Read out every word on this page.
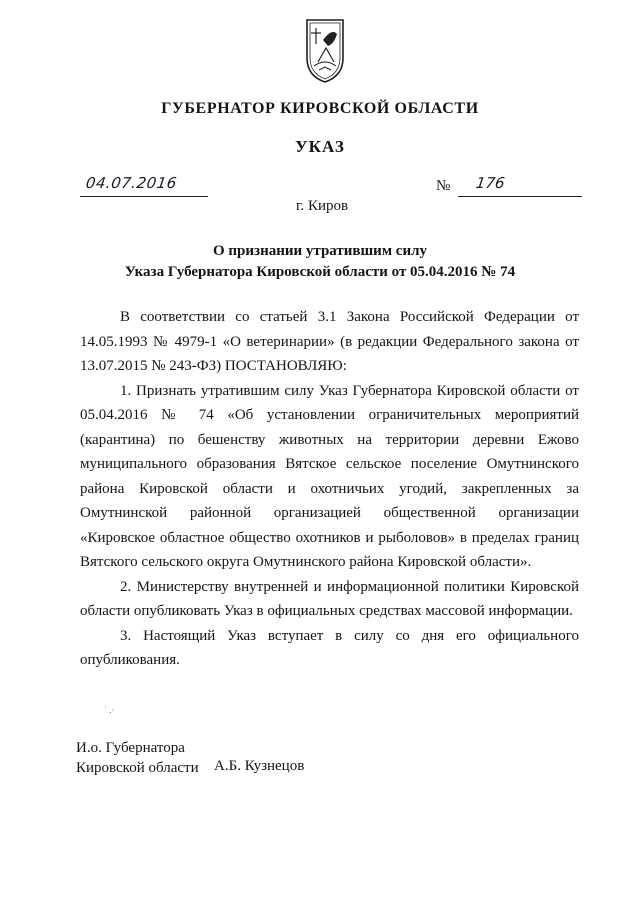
ГУБЕРНАТОР КИРОВСКОЙ ОБЛАСТИ
УКАЗ
04.07.2016	№ 176
г. Киров
О признании утратившим силу
Указа Губернатора Кировской области от 05.04.2016 № 74

В соответствии со статьей 3.1 Закона Российской Федерации от 14.05.1993 № 4979-1 «О ветеринарии» (в редакции Федерального закона от 13.07.2015 № 243-ФЗ) ПОСТАНОВЛЯЮ:

1. Признать утратившим силу Указ Губернатора Кировской области от 05.04.2016 № 74 «Об установлении ограничительных мероприятий (карантина) по бешенству животных на территории деревни Ежово муниципального образования Вятское сельское поселение Омутнинского района Кировской области и охотничьих угодий, закрепленных за Омутнинской районной организацией общественной организации «Кировское областное общество охотников и рыболовов» в пределах границ Вятского сельского округа Омутнинского района Кировской области».

2. Министерству внутренней и информационной политики Кировской области опубликовать Указ в официальных средствах массовой информации.

3. Настоящий Указ вступает в силу со дня его официального опубликования.

˙ .·
И.о. Губернатора
Кировской области А.Б. Кузнецов
